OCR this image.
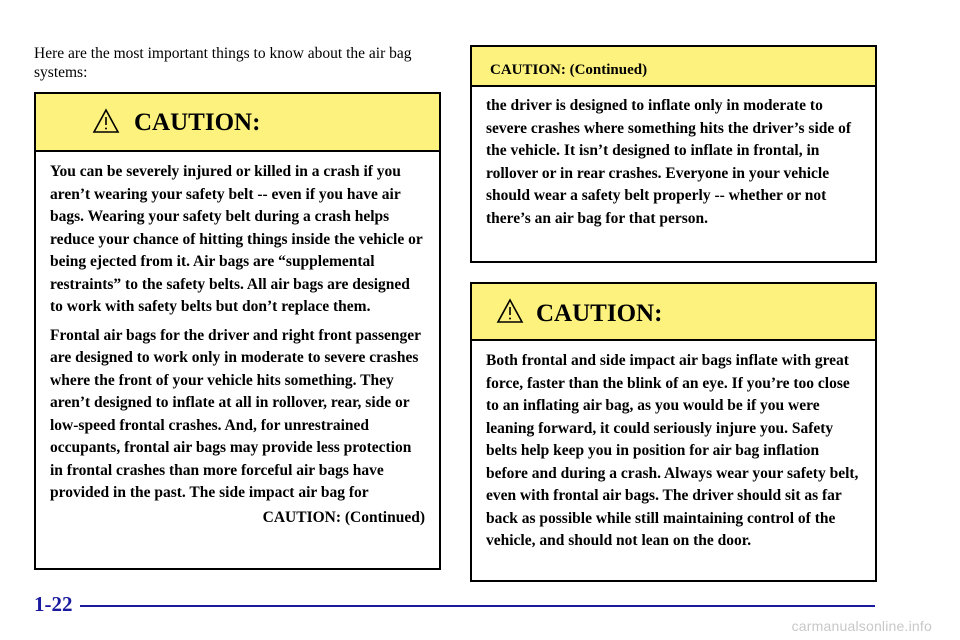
Here are the most important things to know about the air bag systems:
CAUTION:

You can be severely injured or killed in a crash if you aren’t wearing your safety belt -- even if you have air bags. Wearing your safety belt during a crash helps reduce your chance of hitting things inside the vehicle or being ejected from it. Air bags are “supplemental restraints” to the safety belts. All air bags are designed to work with safety belts but don’t replace them.

Frontal air bags for the driver and right front passenger are designed to work only in moderate to severe crashes where the front of your vehicle hits something. They aren’t designed to inflate at all in rollover, rear, side or low-speed frontal crashes. And, for unrestrained occupants, frontal air bags may provide less protection in frontal crashes than more forceful air bags have provided in the past. The side impact air bag for

CAUTION: (Continued)
CAUTION: (Continued)

the driver is designed to inflate only in moderate to severe crashes where something hits the driver’s side of the vehicle. It isn’t designed to inflate in frontal, in rollover or in rear crashes. Everyone in your vehicle should wear a safety belt properly -- whether or not there’s an air bag for that person.

CAUTION:

Both frontal and side impact air bags inflate with great force, faster than the blink of an eye. If you’re too close to an inflating air bag, as you would be if you were leaning forward, it could seriously injure you. Safety belts help keep you in position for air bag inflation before and during a crash. Always wear your safety belt, even with frontal air bags. The driver should sit as far back as possible while still maintaining control of the vehicle, and should not lean on the door.

1-22
carmanualsonline.info
